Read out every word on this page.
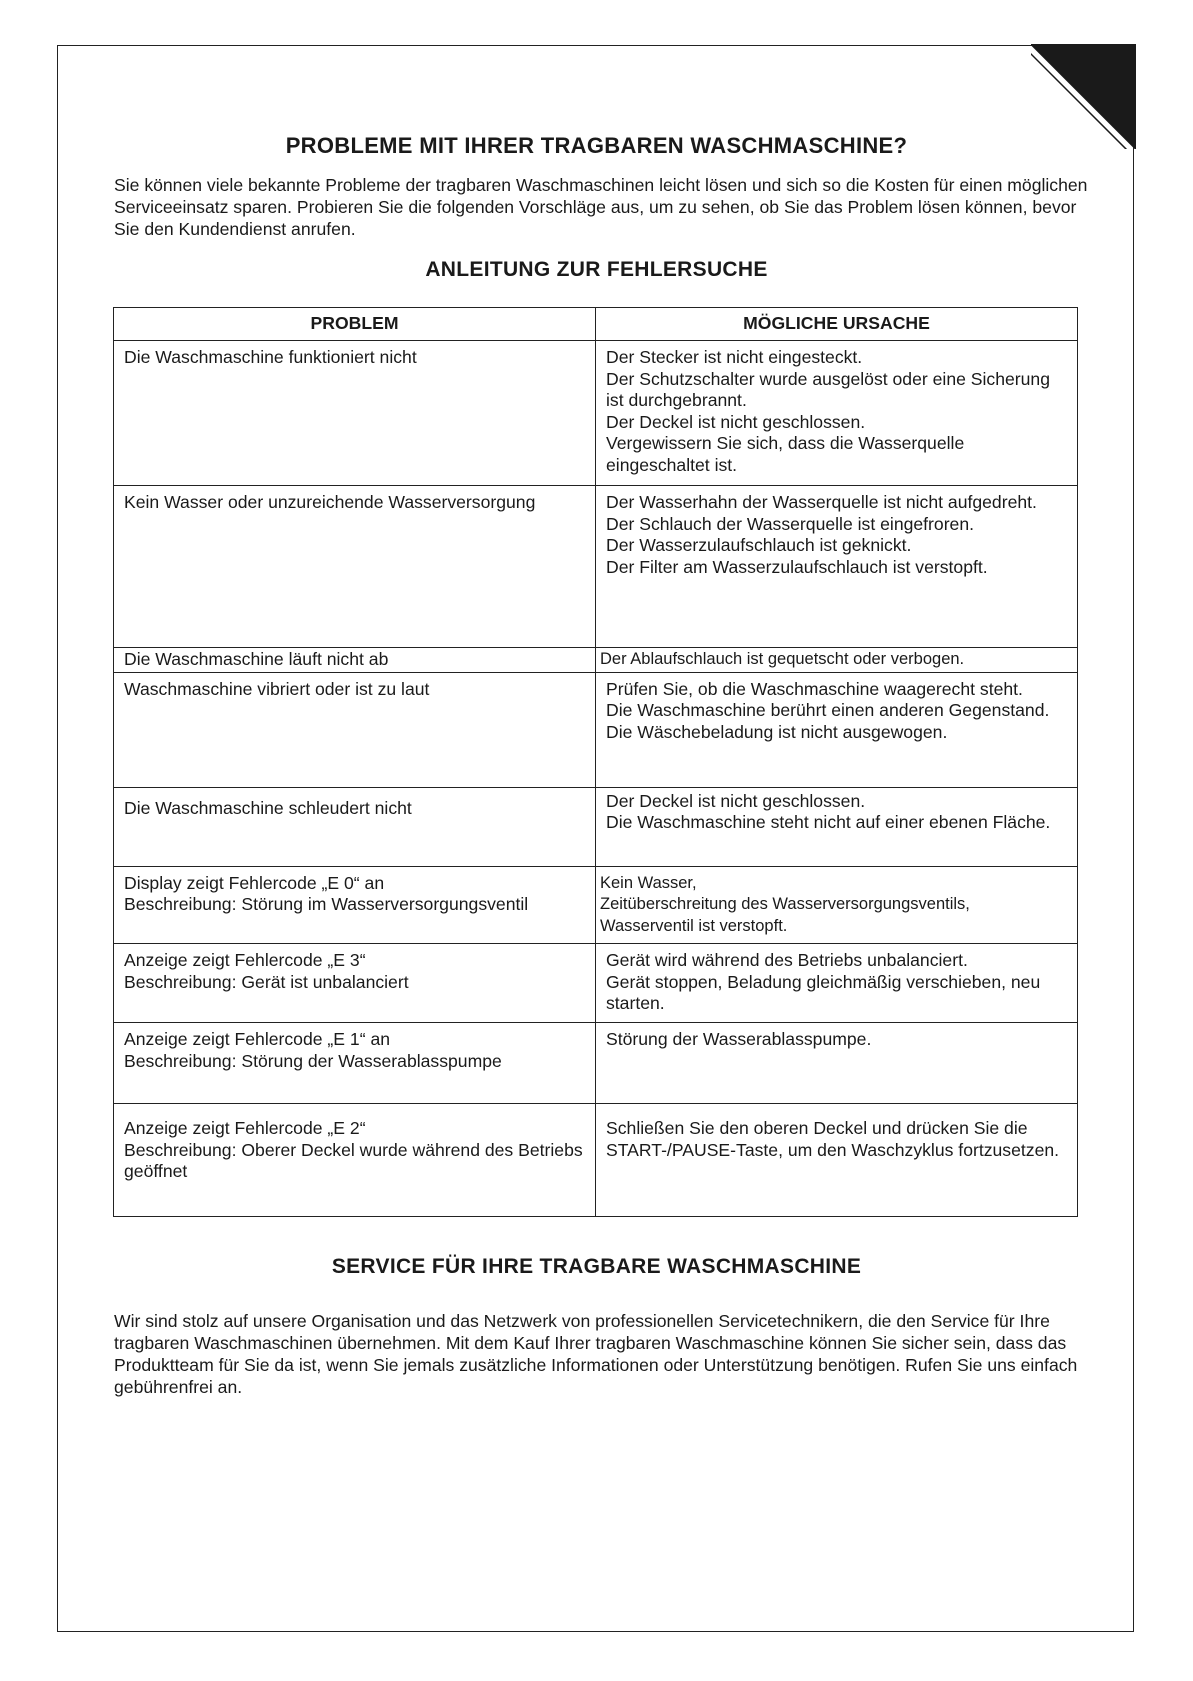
PROBLEME MIT IHRER TRAGBAREN WASCHMASCHINE?

Sie können viele bekannte Probleme der tragbaren Waschmaschinen leicht lösen und sich so die Kosten für einen möglichen Serviceeinsatz sparen. Probieren Sie die folgenden Vorschläge aus, um zu sehen, ob Sie das Problem lösen können, bevor Sie den Kundendienst anrufen.

ANLEITUNG ZUR FEHLERSUCHE
PROBLEM	MÖGLICHE URSACHE

Die Waschmaschine funktioniert nicht	Der Stecker ist nicht eingesteckt.
Der Schutzschalter wurde ausgelöst oder eine Sicherung ist durchgebrannt.
Der Deckel ist nicht geschlossen.
Vergewissern Sie sich, dass die Wasserquelle eingeschaltet ist.

Kein Wasser oder unzureichende Wasserversorgung	Der Wasserhahn der Wasserquelle ist nicht aufgedreht.
Der Schlauch der Wasserquelle ist eingefroren.
Der Wasserzulaufschlauch ist geknickt.
Der Filter am Wasserzulaufschlauch ist verstopft.

Die Waschmaschine läuft nicht ab	Der Ablaufschlauch ist gequetscht oder verbogen.

Waschmaschine vibriert oder ist zu laut	Prüfen Sie, ob die Waschmaschine waagerecht steht.
Die Waschmaschine berührt einen anderen Gegenstand.
Die Wäschebeladung ist nicht ausgewogen.

Die Waschmaschine schleudert nicht	Der Deckel ist nicht geschlossen.
Die Waschmaschine steht nicht auf einer ebenen Fläche.

Display zeigt Fehlercode „E 0“ an
Beschreibung: Störung im Wasserversorgungsventil	Kein Wasser,
Zeitüberschreitung des Wasserversorgungsventils,
Wasserventil ist verstopft.

Anzeige zeigt Fehlercode „E 3“
Beschreibung: Gerät ist unbalanciert	Gerät wird während des Betriebs unbalanciert.
Gerät stoppen, Beladung gleichmäßig verschieben, neu starten.

Anzeige zeigt Fehlercode „E 1“ an
Beschreibung: Störung der Wasserablasspumpe	Störung der Wasserablasspumpe.

Anzeige zeigt Fehlercode „E 2“
Beschreibung: Oberer Deckel wurde während des Betriebs geöffnet	Schließen Sie den oberen Deckel und drücken Sie die START-/PAUSE-Taste, um den Waschzyklus fortzusetzen.
SERVICE FÜR IHRE TRAGBARE WASCHMASCHINE

Wir sind stolz auf unsere Organisation und das Netzwerk von professionellen Servicetechnikern, die den Service für Ihre tragbaren Waschmaschinen übernehmen. Mit dem Kauf Ihrer tragbaren Waschmaschine können Sie sicher sein, dass das Produktteam für Sie da ist, wenn Sie jemals zusätzliche Informationen oder Unterstützung benötigen. Rufen Sie uns einfach gebührenfrei an.
